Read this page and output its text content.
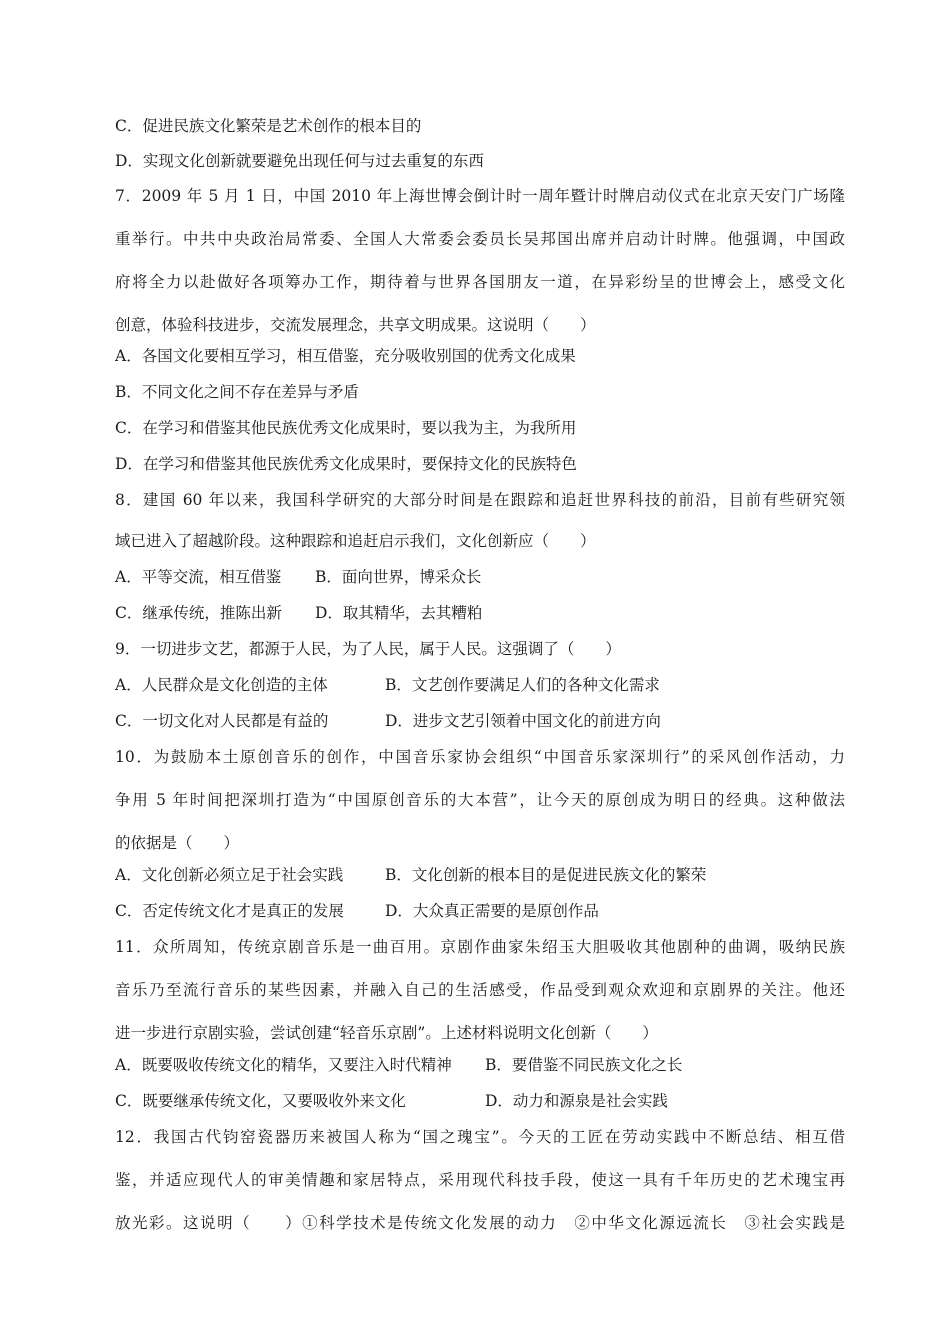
C．促进民族文化繁荣是艺术创作的根本目的
D．实现文化创新就要避免出现任何与过去重复的东西
7．2009 年 5 月 1 日，中国 2010 年上海世博会倒计时一周年暨计时牌启动仪式在北京天安门广场隆
重举行。中共中央政治局常委、全国人大常委会委员长吴邦国出席并启动计时牌。他强调，中国政
府将全力以赴做好各项筹办工作，期待着与世界各国朋友一道，在异彩纷呈的世博会上，感受文化
创意，体验科技进步，交流发展理念，共享文明成果。这说明（　　）
A．各国文化要相互学习，相互借鉴，充分吸收别国的优秀文化成果
B．不同文化之间不存在差异与矛盾
C．在学习和借鉴其他民族优秀文化成果时，要以我为主，为我所用
D．在学习和借鉴其他民族优秀文化成果时，要保持文化的民族特色
8．建国 60 年以来，我国科学研究的大部分时间是在跟踪和追赶世界科技的前沿，目前有些研究领
域已进入了超越阶段。这种跟踪和追赶启示我们，文化创新应（　　）
A．平等交流，相互借鉴 B．面向世界，博采众长
C．继承传统，推陈出新 D．取其精华，去其糟粕
9．一切进步文艺，都源于人民，为了人民，属于人民。这强调了（　　）
A．人民群众是文化创造的主体	B．文艺创作要满足人们的各种文化需求
C．一切文化对人民都是有益的	D．进步文艺引领着中国文化的前进方向
10．为鼓励本土原创音乐的创作，中国音乐家协会组织“中国音乐家深圳行”的采风创作活动，力
争用 5 年时间把深圳打造为“中国原创音乐的大本营”，让今天的原创成为明日的经典。这种做法
的依据是（　　）
A．文化创新必须立足于社会实践	B．文化创新的根本目的是促进民族文化的繁荣
C．否定传统文化才是真正的发展	D．大众真正需要的是原创作品
11．众所周知，传统京剧音乐是一曲百用。京剧作曲家朱绍玉大胆吸收其他剧种的曲调，吸纳民族
音乐乃至流行音乐的某些因素，并融入自己的生活感受，作品受到观众欢迎和京剧界的关注。他还
进一步进行京剧实验，尝试创建“轻音乐京剧”。上述材料说明文化创新（　　）
A．既要吸收传统文化的精华，又要注入时代精神 B．要借鉴不同民族文化之长
C．既要继承传统文化，又要吸收外来文化	D．动力和源泉是社会实践
12．我国古代钧窑瓷器历来被国人称为“国之瑰宝”。今天的工匠在劳动实践中不断总结、相互借
鉴，并适应现代人的审美情趣和家居特点，采用现代科技手段，使这一具有千年历史的艺术瑰宝再
放光彩。这说明（　　）①科学技术是传统文化发展的动力　②中华文化源远流长　③社会实践是
